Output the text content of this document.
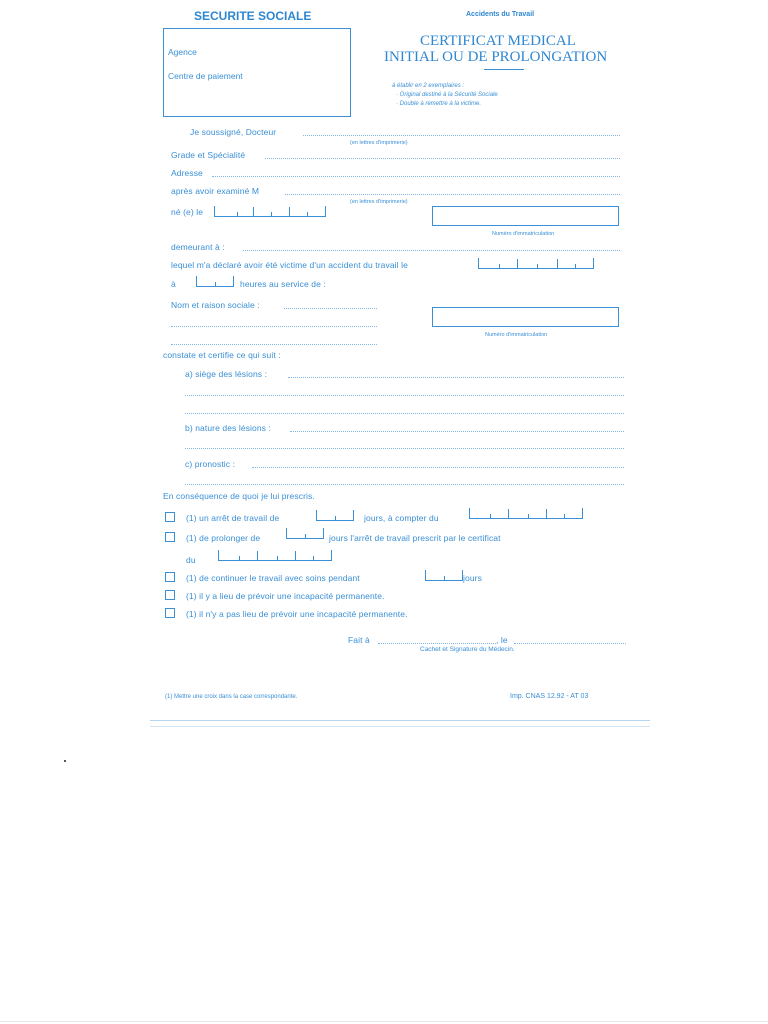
SECURITE SOCIALE	Accidents du Travail
Agence
Centre de paiement
CERTIFICAT MEDICAL
INITIAL OU DE PROLONGATION
à établir en 2 exemplaires :
· Original destiné à la Sécurité Sociale
· Double à remettre à la victime.
Je soussigné, Docteur
(en lettres d'imprimerie)
Grade et Spécialité
Adresse
après avoir examiné M
(en lettres d'imprimerie)
né (e) le
Numéro d'immatriculation
demeurant à :
lequel m'a déclaré avoir été victime d'un accident du travail le
à	heures au service de :
Nom et raison sociale :
Numéro d'immatriculation
constate et certifie ce qui suit :
a) siège des lésions :
b) nature des lésions :
c) pronostic :
En conséquence de quoi je lui prescris.
(1) un arrêt de travail de	jours, à compter du
(1) de prolonger de	jours l'arrêt de travail prescrit par le certificat
du
(1) de continuer le travail avec soins pendant	jours
(1) il y a lieu de prévoir une incapacité permanente.
(1) il n'y a pas lieu de prévoir une incapacité permanente.
Fait à	, le
Cachet et Signature du Médecin.
(1) Mettre une croix dans la case correspondante.	Imp. CNAS 12.92 - AT 03
